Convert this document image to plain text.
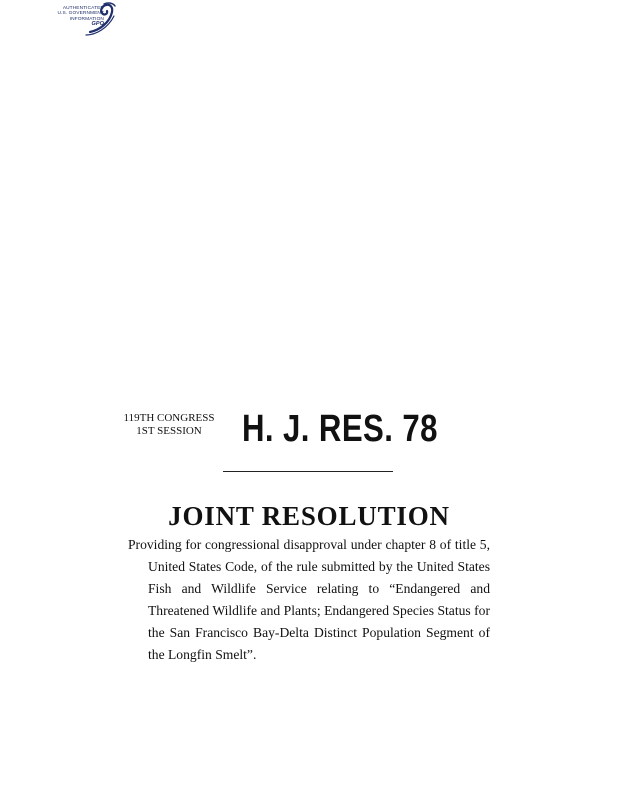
AUTHENTICATED
U.S. GOVERNMENT
INFORMATION
GPO
119TH CONGRESS
1ST SESSION	H. J. RES. 78
JOINT RESOLUTION
Providing for congressional disapproval under chapter 8 of title 5, United States Code, of the rule submitted by the United States Fish and Wildlife Service relating to “Endangered and Threatened Wildlife and Plants; Endangered Species Status for the San Francisco Bay-Delta Distinct Population Segment of the Longfin Smelt”.
